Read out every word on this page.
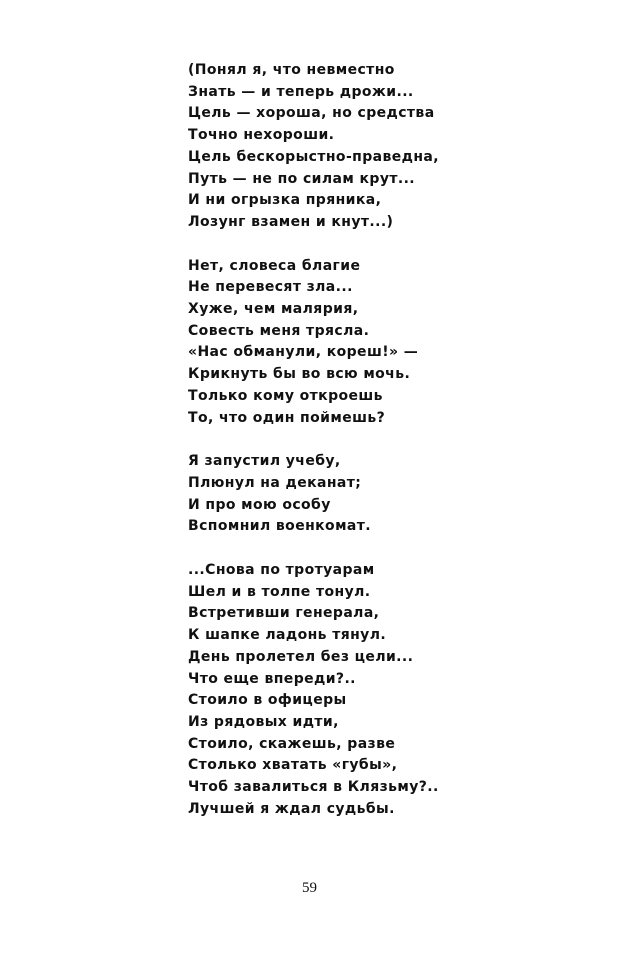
(Понял я, что невместно
Знать — и теперь дрожи...
Цель — хороша, но средства
Точно нехороши.
Цель бескорыстно-праведна,
Путь — не по силам крут...
И ни огрызка пряника,
Лозунг взамен и кнут...)
Нет, словеса благие
Не перевесят зла...
Хуже, чем малярия,
Совесть меня трясла.
«Нас обманули, кореш!» —
Крикнуть бы во всю мочь.
Только кому откроешь
То, что один поймешь?
Я запустил учебу,
Плюнул на деканат;
И про мою особу
Вспомнил военкомат.
...Снова по тротуарам
Шел и в толпе тонул.
Встретивши генерала,
К шапке ладонь тянул.
День пролетел без цели...
Что еще впереди?..
Стоило в офицеры
Из рядовых идти,
Стоило, скажешь, разве
Столько хватать «губы»,
Чтоб завалиться в Клязьму?..
Лучшей я ждал судьбы.
59
